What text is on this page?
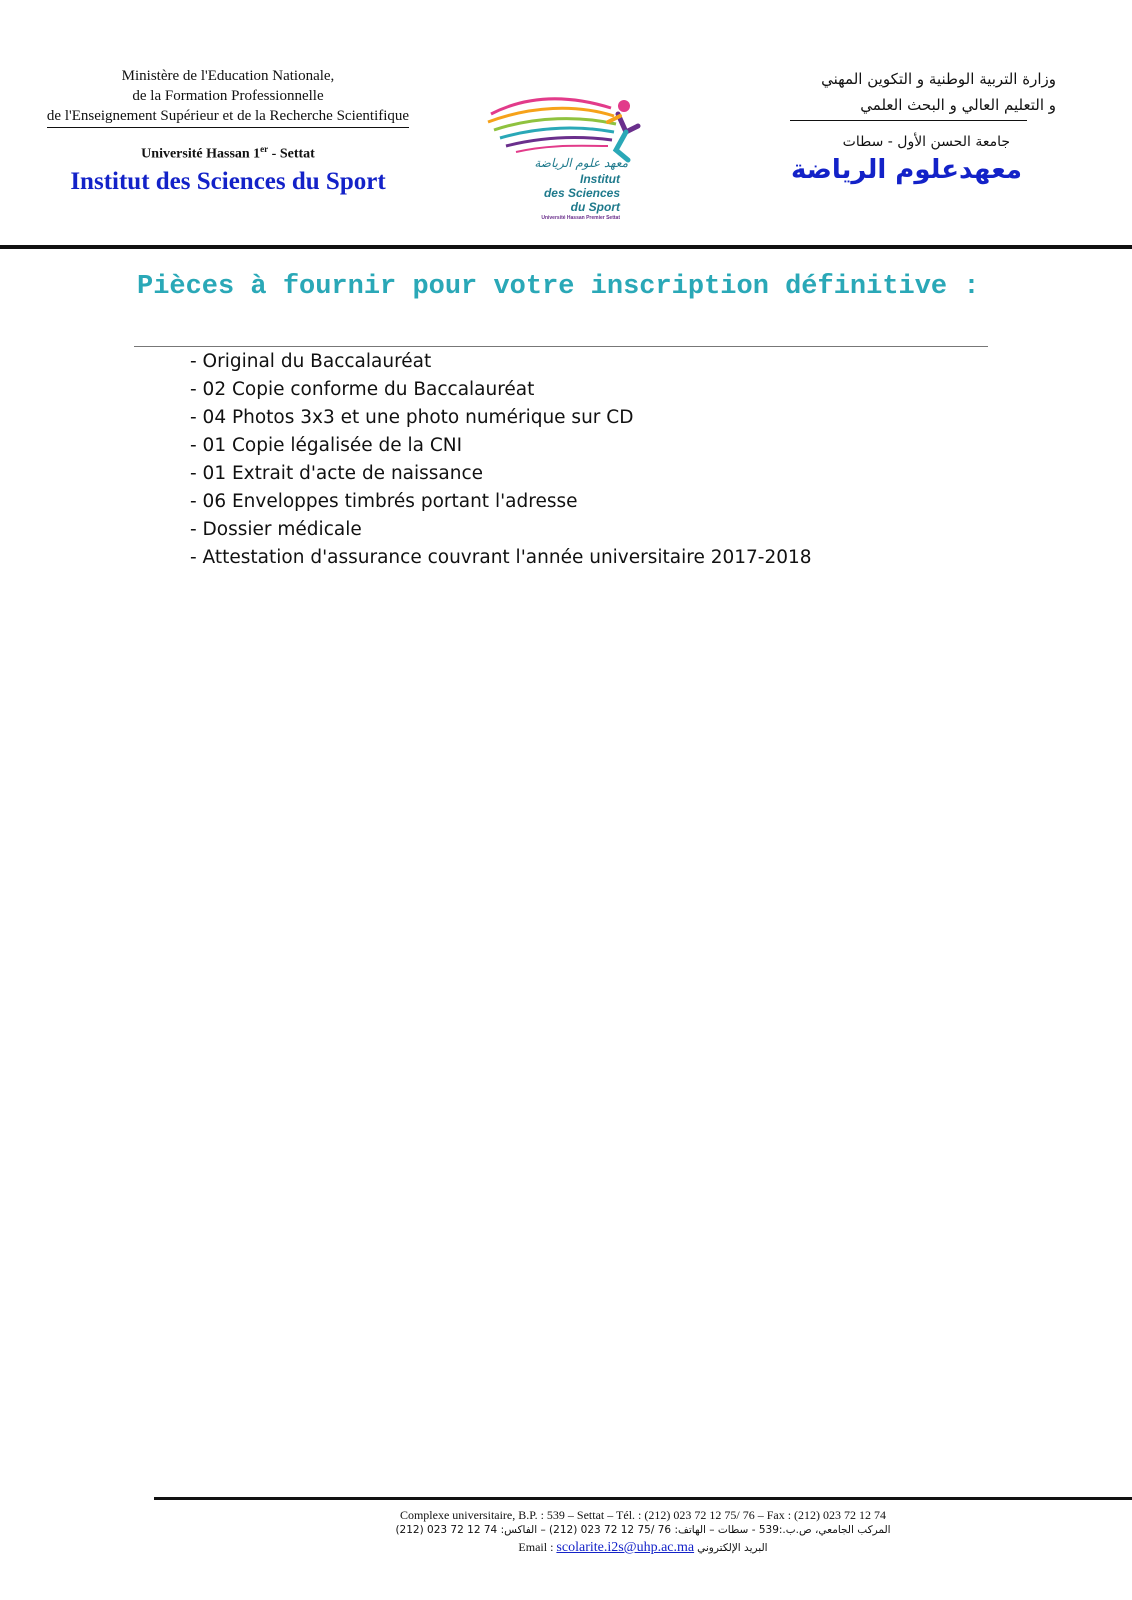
Ministère de l'Education Nationale,
de la Formation Professionnelle
de l'Enseignement Supérieur et de la Recherche Scientifique
Université Hassan 1er - Settat
Institut des Sciences du Sport
معهد علوم الرياضة
Institut
des Sciences
du Sport
Université Hassan Premier Settat
وزارة التربية الوطنية و التكوين المهني
و التعليم العالي و البحث العلمي
جامعة الحسن الأول - سطات
معهدعلوم الرياضة
Pièces à fournir pour votre inscription définitive :
- Original du Baccalauréat
- 02 Copie conforme du Baccalauréat
- 04 Photos 3x3 et une photo numérique sur CD
- 01 Copie légalisée de la CNI
- 01 Extrait d'acte de naissance
- 06 Enveloppes timbrés portant l'adresse
- Dossier médicale
- Attestation d'assurance couvrant l'année universitaire 2017-2018
Complexe universitaire, B.P. : 539 – Settat – Tél. : (212) 023 72 12 75/ 76 – Fax : (212) 023 72 12 74
المركب الجامعي، ص.ب.:539 - سطات – الهاتف: 76 /75 12 72 023 (212) – الفاكس: 74 12 72 023 (212)
Email : scolarite.i2s@uhp.ac.ma البريد الإلكتروني
